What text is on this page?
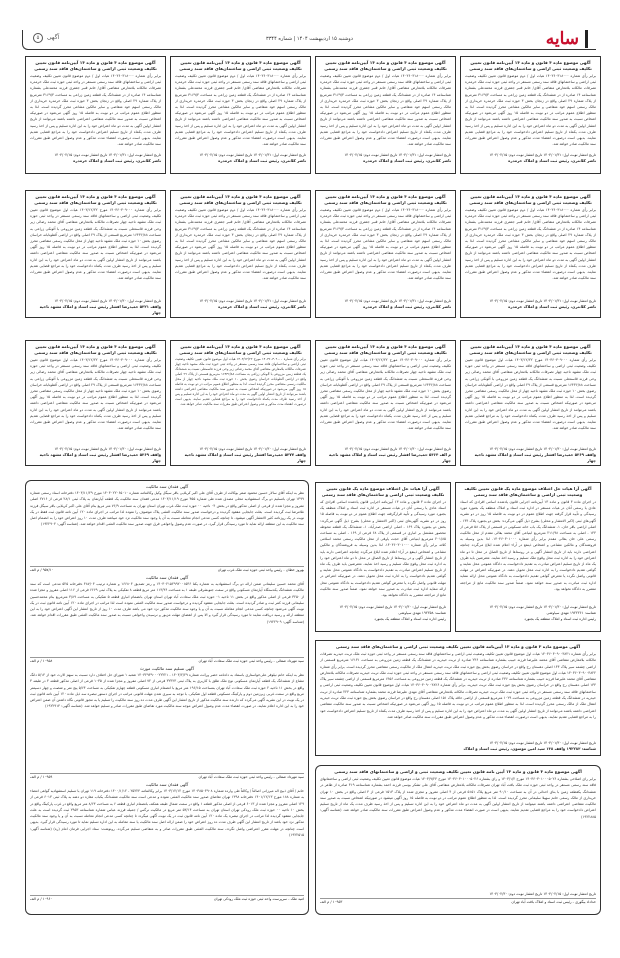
سایه
دوشنبه ۱۵ اردیبهشت ۱۴۰۴ | شماره ۳۳۴۴
آگهی ۵
آگهی موضوع ماده ۳ قانون و ماده ۱۳ آیین‌نامه قانون تعیین تکلیف وضعیت ثبتی اراضی و ساختمان‌های فاقد سند رسمی
برابر رأی شماره ۱۴۰۳۶۰۳۱۸۰۰۰ هیات اول / دوم موضوع قانون تعیین تکلیف وضعیت ثبتی اراضی و ساختمانهای فاقد سند رسمی مستقر در واحد ثبتی حوزه ثبت ملک خرمدره تصرفات مالکانه بلامعارض متقاضی آقای/ خانم قنبر جعفری فرزند محمدعلی بشماره شناسنامه ۱۴ صادره از در ششدانگ یک قطعه زمین زراعی به مساحت ۳۱۶۹/۳ مترمربع از پلاک شماره ۲۹ اصلی واقع در زنجان بخش ۳ حوزه ثبت ملک خرمدره خریداری از مالک رسمی اسهم خود متقاضی و سایر مالکین مشاعی محرز گردیده است. لذا به منظور اطلاع عموم مراتب در دو نوبت به فاصله ۱۵ روز آگهی می‌شود در صورتیکه اشخاص نسبت به صدور سند مالکیت متقاضی اعتراضی داشته باشند می‌توانند از تاریخ انتشار اولین آگهی به مدت دو ماه اعتراض خود را به این اداره تسلیم و پس از اخذ رسید ظرف مدت یکماه از تاریخ تسلیم اعتراض دادخواست خود را به مراجع قضایی تقدیم نمایند. بدیهی است درصورت انقضاء مدت مذکور و عدم وصول اعتراض طبق مقررات سند مالکیت صادر خواهد شد.
تاریخ انتشار نوبت اول: ۱۴۰۴/۰۱/۳۱ تاریخ انتشار نوبت دوم: ۱۴۰۴/۰۲/۱۵
ناصر کلانتری، رئیس ثبت اسناد و املاک خرمدره
آگهی موضوع ماده ۳ قانون و ماده ۱۳ آیین‌نامه قانون تعیین تکلیف وضعیت ثبتی اراضی و ساختمان‌های فاقد سند رسمی
برابر رأی شماره ۱۴۰۳۶۰۳۱۸۰۰۰ هیات اول / دوم موضوع قانون تعیین تکلیف وضعیت ثبتی اراضی و ساختمانهای فاقد سند رسمی مستقر در واحد ثبتی حوزه ثبت ملک خرمدره تصرفات مالکانه بلامعارض متقاضی آقای/ خانم قنبر جعفری فرزند محمدعلی بشماره شناسنامه ۱۴ صادره از در ششدانگ یک قطعه زمین زراعی به مساحت ۳۱۶۹/۳ مترمربع از پلاک شماره ۲۹ اصلی واقع در زنجان بخش ۳ حوزه ثبت ملک خرمدره خریداری از مالک رسمی اسهم خود متقاضی و سایر مالکین مشاعی محرز گردیده است. لذا به منظور اطلاع عموم مراتب در دو نوبت به فاصله ۱۵ روز آگهی می‌شود در صورتیکه اشخاص نسبت به صدور سند مالکیت متقاضی اعتراضی داشته باشند می‌توانند از تاریخ انتشار اولین آگهی به مدت دو ماه اعتراض خود را به این اداره تسلیم و پس از اخذ رسید ظرف مدت یکماه از تاریخ تسلیم اعتراض دادخواست خود را به مراجع قضایی تقدیم نمایند. بدیهی است درصورت انقضاء مدت مذکور و عدم وصول اعتراض طبق مقررات سند مالکیت صادر خواهد شد.
تاریخ انتشار نوبت اول: ۱۴۰۴/۰۱/۳۱ تاریخ انتشار نوبت دوم: ۱۴۰۴/۰۲/۱۵
ناصر کلانتری، رئیس ثبت اسناد و املاک خرمدره
آگهی موضوع ماده ۳ قانون و ماده ۱۳ آیین‌نامه قانون تعیین تکلیف وضعیت ثبتی اراضی و ساختمان‌های فاقد سند رسمی
برابر رأی شماره ۱۴۰۳۶۰۳۱۸۰۰۰ هیات اول / دوم موضوع قانون تعیین تکلیف وضعیت ثبتی اراضی و ساختمانهای فاقد سند رسمی مستقر در واحد ثبتی حوزه ثبت ملک خرمدره تصرفات مالکانه بلامعارض متقاضی آقای/ خانم قنبر جعفری فرزند محمدعلی بشماره شناسنامه ۱۴ صادره از در ششدانگ یک قطعه زمین زراعی به مساحت ۳۱۶۹/۳ مترمربع از پلاک شماره ۲۹ اصلی واقع در زنجان بخش ۳ حوزه ثبت ملک خرمدره خریداری از مالک رسمی اسهم خود متقاضی و سایر مالکین مشاعی محرز گردیده است. لذا به منظور اطلاع عموم مراتب در دو نوبت به فاصله ۱۵ روز آگهی می‌شود در صورتیکه اشخاص نسبت به صدور سند مالکیت متقاضی اعتراضی داشته باشند می‌توانند از تاریخ انتشار اولین آگهی به مدت دو ماه اعتراض خود را به این اداره تسلیم و پس از اخذ رسید ظرف مدت یکماه از تاریخ تسلیم اعتراض دادخواست خود را به مراجع قضایی تقدیم نمایند. بدیهی است درصورت انقضاء مدت مذکور و عدم وصول اعتراض طبق مقررات سند مالکیت صادر خواهد شد.
تاریخ انتشار نوبت اول: ۱۴۰۴/۰۱/۳۱ تاریخ انتشار نوبت دوم: ۱۴۰۴/۰۲/۱۵
ناصر کلانتری، رئیس ثبت اسناد و املاک خرمدره
آگهی موضوع ماده ۳ قانون و ماده ۱۳ آیین‌نامه قانون تعیین تکلیف وضعیت ثبتی اراضی و ساختمان‌های فاقد سند رسمی
برابر رأی شماره ۱۴۰۳۶۰۳۱۸۰۰۰ هیات اول / دوم موضوع قانون تعیین تکلیف وضعیت ثبتی اراضی و ساختمانهای فاقد سند رسمی مستقر در واحد ثبتی حوزه ثبت ملک خرمدره تصرفات مالکانه بلامعارض متقاضی آقای/ خانم قنبر جعفری فرزند محمدعلی بشماره شناسنامه ۱۴ صادره از در ششدانگ یک قطعه زمین زراعی به مساحت ۳۱۶۹/۳ مترمربع از پلاک شماره ۲۹ اصلی واقع در زنجان بخش ۳ حوزه ثبت ملک خرمدره خریداری از مالک رسمی اسهم خود متقاضی و سایر مالکین مشاعی محرز گردیده است. لذا به منظور اطلاع عموم مراتب در دو نوبت به فاصله ۱۵ روز آگهی می‌شود در صورتیکه اشخاص نسبت به صدور سند مالکیت متقاضی اعتراضی داشته باشند می‌توانند از تاریخ انتشار اولین آگهی به مدت دو ماه اعتراض خود را به این اداره تسلیم و پس از اخذ رسید ظرف مدت یکماه از تاریخ تسلیم اعتراض دادخواست خود را به مراجع قضایی تقدیم نمایند. بدیهی است درصورت انقضاء مدت مذکور و عدم وصول اعتراض طبق مقررات سند مالکیت صادر خواهد شد.
تاریخ انتشار نوبت اول: ۱۴۰۴/۰۱/۳۱ تاریخ انتشار نوبت دوم: ۱۴۰۴/۰۲/۱۵
ناصر کلانتری، رئیس ثبت اسناد و املاک خرمدره
آگهی موضوع ماده ۳ قانون و ماده ۱۳ آیین‌نامه قانون تعیین تکلیف وضعیت ثبتی اراضی و ساختمان‌های فاقد سند رسمی
برابر رأی شماره ۱۴۰۳۶۰۳۱۸۰۰۰ هیات اول / دوم موضوع قانون تعیین تکلیف وضعیت ثبتی اراضی و ساختمانهای فاقد سند رسمی مستقر در واحد ثبتی حوزه ثبت ملک خرمدره تصرفات مالکانه بلامعارض متقاضی آقای/ خانم قنبر جعفری فرزند محمدعلی بشماره شناسنامه ۱۴ صادره از در ششدانگ یک قطعه زمین زراعی به مساحت ۳۱۶۹/۳ مترمربع از پلاک شماره ۲۹ اصلی واقع در زنجان بخش ۳ حوزه ثبت ملک خرمدره خریداری از مالک رسمی اسهم خود متقاضی و سایر مالکین مشاعی محرز گردیده است. لذا به منظور اطلاع عموم مراتب در دو نوبت به فاصله ۱۵ روز آگهی می‌شود در صورتیکه اشخاص نسبت به صدور سند مالکیت متقاضی اعتراضی داشته باشند می‌توانند از تاریخ انتشار اولین آگهی به مدت دو ماه اعتراض خود را به این اداره تسلیم و پس از اخذ رسید ظرف مدت یکماه از تاریخ تسلیم اعتراض دادخواست خود را به مراجع قضایی تقدیم نمایند. بدیهی است درصورت انقضاء مدت مذکور و عدم وصول اعتراض طبق مقررات سند مالکیت صادر خواهد شد.
تاریخ انتشار نوبت اول: ۱۴۰۴/۰۱/۳۱ تاریخ انتشار نوبت دوم: ۱۴۰۴/۰۲/۱۵
ناصر کلانتری، رئیس ثبت اسناد و املاک خرمدره
آگهی موضوع ماده ۳ قانون و ماده ۱۳ آیین‌نامه قانون تعیین تکلیف وضعیت ثبتی اراضی و ساختمان‌های فاقد سند رسمی
برابر رأی شماره ۱۴۰۳۶۰۳۱۸۰۰۰ هیات اول / دوم موضوع قانون تعیین تکلیف وضعیت ثبتی اراضی و ساختمانهای فاقد سند رسمی مستقر در واحد ثبتی حوزه ثبت ملک خرمدره تصرفات مالکانه بلامعارض متقاضی آقای/ خانم قنبر جعفری فرزند محمدعلی بشماره شناسنامه ۱۴ صادره از در ششدانگ یک قطعه زمین زراعی به مساحت ۳۱۶۹/۳ مترمربع از پلاک شماره ۲۹ اصلی واقع در زنجان بخش ۳ حوزه ثبت ملک خرمدره خریداری از مالک رسمی اسهم خود متقاضی و سایر مالکین مشاعی محرز گردیده است. لذا به منظور اطلاع عموم مراتب در دو نوبت به فاصله ۱۵ روز آگهی می‌شود در صورتیکه اشخاص نسبت به صدور سند مالکیت متقاضی اعتراضی داشته باشند می‌توانند از تاریخ انتشار اولین آگهی به مدت دو ماه اعتراض خود را به این اداره تسلیم و پس از اخذ رسید ظرف مدت یکماه از تاریخ تسلیم اعتراض دادخواست خود را به مراجع قضایی تقدیم نمایند. بدیهی است درصورت انقضاء مدت مذکور و عدم وصول اعتراض طبق مقررات سند مالکیت صادر خواهد شد.
تاریخ انتشار نوبت اول: ۱۴۰۴/۰۱/۳۱ تاریخ انتشار نوبت دوم: ۱۴۰۴/۰۲/۱۵
ناصر کلانتری، رئیس ثبت اسناد و املاک خرمدره
آگهی موضوع ماده ۳ قانون و ماده ۱۳ آیین‌نامه قانون تعیین تکلیف وضعیت ثبتی اراضی و ساختمان‌های فاقد سند رسمی
برابر رأی شماره ۱۴۰۳۶۰۳۱۸۰۰۰ هیات اول / دوم موضوع قانون تعیین تکلیف وضعیت ثبتی اراضی و ساختمانهای فاقد سند رسمی مستقر در واحد ثبتی حوزه ثبت ملک خرمدره تصرفات مالکانه بلامعارض متقاضی آقای/ خانم قنبر جعفری فرزند محمدعلی بشماره شناسنامه ۱۴ صادره از در ششدانگ یک قطعه زمین زراعی به مساحت ۳۱۶۹/۳ مترمربع از پلاک شماره ۲۹ اصلی واقع در زنجان بخش ۳ حوزه ثبت ملک خرمدره خریداری از مالک رسمی اسهم خود متقاضی و سایر مالکین مشاعی محرز گردیده است. لذا به منظور اطلاع عموم مراتب در دو نوبت به فاصله ۱۵ روز آگهی می‌شود در صورتیکه اشخاص نسبت به صدور سند مالکیت متقاضی اعتراضی داشته باشند می‌توانند از تاریخ انتشار اولین آگهی به مدت دو ماه اعتراض خود را به این اداره تسلیم و پس از اخذ رسید ظرف مدت یکماه از تاریخ تسلیم اعتراض دادخواست خود را به مراجع قضایی تقدیم نمایند. بدیهی است درصورت انقضاء مدت مذکور و عدم وصول اعتراض طبق مقررات سند مالکیت صادر خواهد شد.
تاریخ انتشار نوبت اول: ۱۴۰۴/۰۱/۳۱ تاریخ انتشار نوبت دوم: ۱۴۰۴/۰۲/۱۵
ناصر کلانتری، رئیس ثبت اسناد و املاک خرمدره
آگهی موضوع ماده ۳ قانون و ماده ۱۳ آیین‌نامه قانون تعیین تکلیف وضعیت ثبتی اراضی و ساختمان‌های فاقد سند رسمی
برابر رأی شماره ۱۴۰۳۶۰۳۰۹۰۰۰ مورخ ۱۴۰۳/۱۲/۲۲ هیات اول موضوع قانون تعیین تکلیف وضعیت ثبتی اراضی و ساختمانهای فاقد سند رسمی مستقر در واحد ثبتی حوزه ثبت ملک مشهد ناحیه چهار تصرفات مالکانه بلامعارض متقاضی آقای محمد رضائی زیر وحی فرزند قاسمعلی نسبت به ششدانگ یک قطعه زمین مزروعی با آلونکی زراعی به مساحت ۱۶۴۳۶/۸۸ مترمربع قسمتی از پلاک ۲۹ اصلی واقع در اراضی آلطونابانه خراسان رضوی بخش ۱۰ حوزه ثبت ملک مشهد ناحیه چهار از محل مالکیت رسمی متقاضی محرز گردیده است. لذا به منظور اطلاع عموم مراتب در دو نوبت به فاصله ۱۵ روز آگهی می‌شود در صورتیکه اشخاص نسبت به صدور سند مالکیت متقاضی اعتراضی داشته باشند می‌توانند از تاریخ انتشار اولین آگهی به مدت دو ماه اعتراض خود را به این اداره تسلیم و پس از اخذ رسید ظرف مدت یکماه دادخواست خود را به مراجع قضایی تقدیم نمایند. بدیهی است درصورت انقضاء مدت مذکور و عدم وصول اعتراض طبق مقررات سند مالکیت صادر خواهد شد.
تاریخ انتشار نوبت اول: ۱۴۰۴/۰۱/۳۰ تاریخ انتشار نوبت دوم: ۱۴۰۴/۰۲/۱۵
واقف ۵۳۲۱ حمیدرضا افشار رئیس ثبت اسناد و املاک مشهد ناحیه چهار
آگهی موضوع ماده ۳ قانون و ماده ۱۳ آیین‌نامه قانون تعیین تکلیف وضعیت ثبتی اراضی و ساختمان‌های فاقد سند رسمی
برابر رأی شماره ۱۴۰۳۶۰۳۰۹۰۰۰ مورخ ۱۴۰۳/۱۲/۲۲ هیات اول موضوع قانون تعیین تکلیف وضعیت ثبتی اراضی و ساختمانهای فاقد سند رسمی مستقر در واحد ثبتی حوزه ثبت ملک مشهد ناحیه چهار تصرفات مالکانه بلامعارض متقاضی آقای محمد رضائی زیر وحی فرزند قاسمعلی نسبت به ششدانگ یک قطعه زمین مزروعی با آلونکی زراعی به مساحت ۱۶۴۳۶/۸۸ مترمربع قسمتی از پلاک ۲۹ اصلی واقع در اراضی آلطونابانه خراسان رضوی بخش ۱۰ حوزه ثبت ملک مشهد ناحیه چهار از محل مالکیت رسمی متقاضی محرز گردیده است. لذا به منظور اطلاع عموم مراتب در دو نوبت به فاصله ۱۵ روز آگهی می‌شود در صورتیکه اشخاص نسبت به صدور سند مالکیت متقاضی اعتراضی داشته باشند می‌توانند از تاریخ انتشار اولین آگهی به مدت دو ماه اعتراض خود را به این اداره تسلیم و پس از اخذ رسید ظرف مدت یکماه دادخواست خود را به مراجع قضایی تقدیم نمایند. بدیهی است درصورت انقضاء مدت مذکور و عدم وصول اعتراض طبق مقررات سند مالکیت صادر خواهد شد.
تاریخ انتشار نوبت اول: ۱۴۰۴/۰۱/۳۰ تاریخ انتشار نوبت دوم: ۱۴۰۴/۰۲/۱۵
واقف ۵۳۶۹ حمیدرضا افشار رئیس ثبت اسناد و املاک مشهد ناحیه چهار
آگهی موضوع ماده ۳ قانون و ماده ۱۳ آیین‌نامه قانون تعیین تکلیف وضعیت ثبتی اراضی و ساختمان‌های فاقد سند رسمی
برابر رأی شماره ۱۴۰۳۶۰۳۰۹۰۰۰ مورخ ۱۴۰۳/۱۲/۲۲ هیات اول موضوع قانون تعیین تکلیف وضعیت ثبتی اراضی و ساختمانهای فاقد سند رسمی مستقر در واحد ثبتی حوزه ثبت ملک مشهد ناحیه چهار تصرفات مالکانه بلامعارض متقاضی آقای محمد رضائی زیر وحی فرزند قاسمعلی نسبت به ششدانگ یک قطعه زمین مزروعی با آلونکی زراعی به مساحت ۱۶۴۳۶/۸۸ مترمربع قسمتی از پلاک ۲۹ اصلی واقع در اراضی آلطونابانه خراسان رضوی بخش ۱۰ حوزه ثبت ملک مشهد ناحیه چهار از محل مالکیت رسمی متقاضی محرز گردیده است. لذا به منظور اطلاع عموم مراتب در دو نوبت به فاصله ۱۵ روز آگهی می‌شود در صورتیکه اشخاص نسبت به صدور سند مالکیت متقاضی اعتراضی داشته باشند می‌توانند از تاریخ انتشار اولین آگهی به مدت دو ماه اعتراض خود را به این اداره تسلیم و پس از اخذ رسید ظرف مدت یکماه دادخواست خود را به مراجع قضایی تقدیم نمایند. بدیهی است درصورت انقضاء مدت مذکور و عدم وصول اعتراض طبق مقررات سند مالکیت صادر خواهد شد.
تاریخ انتشار نوبت اول: ۱۴۰۴/۰۱/۳۰ تاریخ انتشار نوبت دوم: ۱۴۰۴/۰۲/۱۵
م الف ۵۳۶۴ حمیدرضا افشار رئیس ثبت اسناد و املاک مشهد ناحیه چهار
آگهی موضوع ماده ۳ قانون و ماده ۱۳ آیین‌نامه قانون تعیین تکلیف وضعیت ثبتی اراضی و ساختمان‌های فاقد سند رسمی
برابر رأی شماره ۱۴۰۳۶۰۳۰۹۰۰۰ مورخ ۱۴۰۳/۱۲/۲۲ هیات اول موضوع قانون تعیین تکلیف وضعیت ثبتی اراضی و ساختمانهای فاقد سند رسمی مستقر در واحد ثبتی حوزه ثبت ملک مشهد ناحیه چهار تصرفات مالکانه بلامعارض متقاضی آقای محمد رضائی زیر وحی فرزند قاسمعلی نسبت به ششدانگ یک قطعه زمین مزروعی با آلونکی زراعی به مساحت ۱۶۴۳۶/۸۸ مترمربع قسمتی از پلاک ۲۹ اصلی واقع در اراضی آلطونابانه خراسان رضوی بخش ۱۰ حوزه ثبت ملک مشهد ناحیه چهار از محل مالکیت رسمی متقاضی محرز گردیده است. لذا به منظور اطلاع عموم مراتب در دو نوبت به فاصله ۱۵ روز آگهی می‌شود در صورتیکه اشخاص نسبت به صدور سند مالکیت متقاضی اعتراضی داشته باشند می‌توانند از تاریخ انتشار اولین آگهی به مدت دو ماه اعتراض خود را به این اداره تسلیم و پس از اخذ رسید ظرف مدت یکماه دادخواست خود را به مراجع قضایی تقدیم نمایند. بدیهی است درصورت انقضاء مدت مذکور و عدم وصول اعتراض طبق مقررات سند مالکیت صادر خواهد شد.
تاریخ انتشار نوبت اول: ۱۴۰۴/۰۱/۳۰ تاریخ انتشار نوبت دوم: ۱۴۰۴/۰۲/۱۵
واقف ۵۳۷۷ حمیدرضا افشار رئیس ثبت اسناد و املاک مشهد ناحیه چهار
آگهی موضوع ماده ۳ قانون و ماده ۱۳ آیین‌نامه قانون تعیین تکلیف وضعیت ثبتی اراضی و ساختمان‌های فاقد سند رسمی
برابر رأی شماره ۱۴۰۳۶۰۳۰۹۰۰۰ مورخ ۱۴۰۳/۱۲/۲۲ هیات اول موضوع قانون تعیین تکلیف وضعیت ثبتی اراضی و ساختمانهای فاقد سند رسمی مستقر در واحد ثبتی حوزه ثبت ملک مشهد ناحیه چهار تصرفات مالکانه بلامعارض متقاضی آقای محمد رضائی زیر وحی فرزند قاسمعلی نسبت به ششدانگ یک قطعه زمین مزروعی با آلونکی زراعی به مساحت ۱۶۴۳۶/۸۸ مترمربع قسمتی از پلاک ۲۹ اصلی واقع در اراضی آلطونابانه خراسان رضوی بخش ۱۰ حوزه ثبت ملک مشهد ناحیه چهار از محل مالکیت رسمی متقاضی محرز گردیده است. لذا به منظور اطلاع عموم مراتب در دو نوبت به فاصله ۱۵ روز آگهی می‌شود در صورتیکه اشخاص نسبت به صدور سند مالکیت متقاضی اعتراضی داشته باشند می‌توانند از تاریخ انتشار اولین آگهی به مدت دو ماه اعتراض خود را به این اداره تسلیم و پس از اخذ رسید ظرف مدت یکماه دادخواست خود را به مراجع قضایی تقدیم نمایند. بدیهی است درصورت انقضاء مدت مذکور و عدم وصول اعتراض طبق مقررات سند مالکیت صادر خواهد شد.
تاریخ انتشار نوبت اول: ۱۴۰۴/۰۱/۳۰ تاریخ انتشار نوبت دوم: ۱۴۰۴/۰۲/۱۵
واقف ۵۳۶۹ حمیدرضا افشار رئیس ثبت اسناد و املاک مشهد ناحیه چهار
آگهی آرا هیات حل اختلاف موضوع ماده یک قانون تعیین تکلیف وضعیت ثبتی اراضی و ساختمان‌های فاقد سند رسمی
در اجرای ماده ۳ قانون و ماده ۱۳ آیین‌نامه اجرایی قانون یادشده اسامی افرادی که اسناد عادی یا رسمی آنان در هیات مستقر در اداره ثبت اسناد و املاک منطقه یک بجنورد مورد رسیدگی و تأیید قرار گرفته جهت اطلاع عموم در دو نوبت به فاصله ۱۵ روز در دو نشریه آگهی‌های ثبتی (اکبر الانتشار و محلی) بشرح ذیل آگهی می‌گردد: بخش دو بجنورد پلاک ۱۴۴ - اصلی اراضی باقر خان. ۱- ششدانگ یک باب خانه مسکونی در قسمتی از پلاک ۵۸ فرعی از ۱۴۴ - اصلی به مساحت ۲۱۱/۹۸ مترمربع ابتیاعی آقای محمد بقالی مقدم از محل مالکیت رسمی علی خان بقالی مقدم برابر رأی شماره ۱۴۰۴۶۰۳۰۱۰۰۰. لذا بدین وسیله به فروشندگان و مالکین مشاعی و اشخاص ذینفع در آراء اعلام شده ابلاغ می‌گردد چنانچه اعتراضی دارند باید از تاریخ انتشار آگهی و در روستاها از تاریخ الصاق در محل تا دو ماه اعتراض خود را به اداره ثبت محل وقوع ملک تسلیم و رسید اخذ نمایند. معترضین باید ظرف یک ماه از تاریخ تسلیم اعتراض مبادرت به تقدیم دادخواست به دادگاه عمومی محل نمایند و گواهی تقدیم دادخواست را به اداره ثبت محل تحویل دهند. در صورتیکه اعتراض در مهلت قانونی واصل نگردد یا معترض گواهی تقدیم دادخواست به دادگاه عمومی محل ارائه ننماید اداره ثبت مبادرت به صدور سند خواهد نمود. ضمناً صدور سند مالکیت مانع از مراجعه متضرر به دادگاه نخواهد بود.
تاریخ انتشار نوبت اول: ۱۴۰۴/۰۱/۳۰ تاریخ انتشار نوبت دوم: ۱۴۰۴/۰۲/۱۵
شناسه: ۱۹۲۲۲۶۱ مهدی سیاوشی
رئیس اداره ثبت اسناد و املاک منطقه یک بجنورد
آگهی آرا هیات حل اختلاف موضوع ماده یک قانون تعیین تکلیف وضعیت ثبتی اراضی و ساختمان‌های فاقد سند رسمی
در اجرای ماده ۳ قانون و ماده ۱۳ آیین‌نامه اجرایی قانون یادشده اسامی افرادی که اسناد عادی یا رسمی آنان در هیات مستقر در اداره ثبت اسناد و املاک منطقه یک بجنورد مورد رسیدگی و تأیید قرارگرفته جهت اطلاع عموم در دو نوبت به فاصله ۱۵ روز در دو نشریه آگهی‌های ثبتی (اکبر الانتشار و محلی) بشرح ذیل آگهی می‌گردد: بخش دو بجنورد پلاک ۱۶۹ - اصلی اراضی صدرآباد. ۱- ششدانگ یک قطعه محوطه محصور مشتمل بر انباری در قسمتی از پلاک ۶۸ فرعی از ۱۶۹ - اصلی به مساحت ۲۰۱/۸۵ مترمربع ابتیاعی آقای حجت یاوفی از محل مالکیت رسمی محمد اسلامی کلاته برابر رأی شماره ۱۴۰۳۶۰۳۰۱۰۰۰. لذا بدین وسیله به فروشندگان و مالکین مشاعی و اشخاص ذینفع در آراء اعلام شده ابلاغ می‌گردد چنانچه اعتراضی دارند باید از تاریخ انتشار آگهی و در روستاها از تاریخ الصاق در محل تا دو ماه اعتراض خود را به اداره ثبت محل وقوع ملک تسلیم و رسید اخذ نمایند. معترضین باید ظرف یک ماه از تاریخ تسلیم اعتراض مبادرت به تقدیم دادخواست به دادگاه عمومی محل نمایند و گواهی تقدیم دادخواست را به اداره ثبت محل تحویل دهند. در صورتیکه اعتراض در مهلت قانونی واصل نگردد یا معترض گواهی تقدیم دادخواست به دادگاه عمومی محل ارائه ننماید اداره ثبت مبادرت به صدور سند خواهد نمود. ضمناً صدور سند مالکیت مانع از مراجعه متضرر به دادگاه نخواهد بود.
تاریخ انتشار نوبت اول: ۱۴۰۴/۰۱/۳۰ تاریخ انتشار نوبت دوم: ۱۴۰۴/۰۲/۱۵
شناسه: ۱۹۲۲۵۸ مهدی سیاوشی
رئیس اداره ثبت اسناد و املاک منطقه یک بجنورد
آگهی موضوع ماده ۳ قانون و ماده ۱۳ آیین‌نامه قانون تعیین تکلیف وضعیت ثبتی اراضی و ساختمان‌های فاقد سند رسمی
برابر رأی شماره ۱۴۰۳۶۰۳۰۹۰۰۳۸۲۱ هیات اول موضوع قانون تعیین تکلیف وضعیت ثبتی اراضی و ساختمانهای فاقد سند رسمی مستقر در واحد ثبتی حوزه ثبت ملک تربت حیدریه تصرفات مالکانه بلامعارض متقاضی آقای محمد علیرضا فرزند حبیب بشماره شناسنامه ۲۳۶ صادره از تربت حیدریه در ششدانگ یک قطعه زمین مزروعی به مساحت ۱۶۱۳۱ مترمربع قسمتی از اراضی چشمه سیر پلاک ۱۳۴ اصلی دهستان رخ واقع در خراسان رضوی بخش پنج حوزه ثبت ملک تربت حیدریه انتقال ملک از مالکیت رسمی متقاضی محرز گردیده است. برابر رأی شماره ۱۴۰۳۶۰۳۰۹۰۰۳۸۲۲ هیات اول موضوع قانون تعیین تکلیف وضعیت ثبتی اراضی و ساختمانهای فاقد سند رسمی مستقر در واحد ثبتی حوزه ثبت ملک تربت حیدریه تصرفات مالکانه بلامعارض متقاضی آقای محمد علیرضا فرزند حبیب بشماره شناسنامه ۲۳۶ صادره از تربت حیدریه در ششدانگ یک قطعه زمین مزروعی به مساحت ۱۴۵۶ مترمربع قسمتی از اراضی چشمه سیر پلاک ۱۳۴ اصلی دهستان رخ واقع در خراسان رضوی بخش پنج حوزه ثبت ملک تربت حیدریه. برابر رأی شماره ۱۴۰۳۶۰۳۰۹۰۰۳۸۲۶ هیات اول موضوع قانون تعیین تکلیف وضعیت ثبتی اراضی و ساختمانهای فاقد سند رسمی مستقر در واحد ثبتی حوزه ثبت ملک تربت حیدریه تصرفات مالکانه بلامعارض متقاضی آقای مهدی علیرضا فرزند محمد بشماره شناسنامه ۲۲۴ صادره از تربت حیدریه در ششدانگ یک قطعه زمین مزروعی به مساحت ۱۰۲۹ مترمربع قسمتی از اراضی حاقه پلاک ۱۵۱ اصلی دهستان رخ واقع در خراسان رضوی بخش پنج حوزه ثبت ملک تربت حیدریه انتقال ملک از مالک رسمی محرز گردیده است. لذا به منظور اطلاع عموم مراتب در دو نوبت به فاصله ۱۵ روز آگهی می‌شود در صورتیکه اشخاص نسبت به صدور سند مالکیت متقاضی اعتراضی داشته باشند می‌توانند از تاریخ انتشار اولین آگهی به مدت دو ماه اعتراض خود را به این اداره تسلیم و پس از اخذ رسید ظرف مدت یکماه از تاریخ تسلیم اعتراض دادخواست خود را به مراجع قضایی تقدیم نمایند. بدیهی است درصورت انقضاء مدت مذکور و عدم وصول اعتراض طبق مقررات سند مالکیت صادر خواهد شد.
تاریخ انتشار نوبت اول: ۱۴۰۴/۰۱/۳۰ تاریخ انتشار نوبت دوم: ۱۴۰۴/۰۲/۱۵
شناسه: ۱۹۲۲۸۳ واقف ۱۴۸ سید امین موسوی، رئیس ثبت اسناد و املاک
آگهی موضوع ماده ۳ قانون و ماده ۱۳ آیین نامه قانون تعیین تکلیف وضعیت ثبتی و اراضی و ساختمانهای فاقد سند رسمی
برابر رای اصلاحی بشماره ۱۴۰۳۶۰۳۰۱۰۰۰۵۰۲۶ مورخ ۱۴۰۳/۱/۲ و رای بشماره ۱۴۰۳۶۰۳۰۱۰۰۰۵۰۲۶ مورخ ۱۴۰۳/۹/۲۴ هیات موضوع قانون تعیین تکلیف وضعیت ثبتی اراضی و ساختمانهای فاقد سند رسمی مستقر در واحد ثبتی حوزه ثبت ملک بافت آباد تهران تصرفات مالکانه بلامعارض متقاضی آقای علی تشکر بوسی فرزند احمد بشماره شناسنامه ۳۱۹ صادره از طاهر در ششدانگ یکقطعه زمین با بنای احداثی در آن به مساحت ۹۰/۱۰ متر مربع پلاک ۵۱۵۱ فرعی از ۴ اصلی مفروز و مجزی شده از پلاک ۱۵۱۳ فرعی از ۴ اصلی واقع در بخش ۱۰ تهران خریداری از مالک رسمی خانم سهیلا سلیمانی محرز گردیده است. لذا به منظور اطلاع عموم مراتب در دو نوبت به فاصله ۱۵ روز آگهی میشود در صورتیکه اشخاص نسبت به صدور سند مالکیت متقاضی اعتراضی داشته باشند میتوانند از تاریخ انتشار اولین آگهی به مدت دو ماه اعتراض خود را به این اداره تسلیم و پس از اخذ رسید ظرف مدت یک ماه از تاریخ تسلیم اعتراض دادخواست خود را به مراجع قضایی تقدیم نمایند. بدیهی است در صورت انقضاء مدت مذکور و عدم وصول اعتراض طبق مقررات سند مالکیت صادر خواهد شد. (شناسه آگهی: ۱۹۲۲۸۸۵)
تاریخ انتشار نوبت اول: ۱۴۰۴/۰۲/۱۵ تاریخ انتشار نوبت دوم: ۱۴۰۴/۰۲/۳۰
خداداد بیگوری - رئیس ثبت اسناد و املاک بافت آباد تهران
۱۰۹۵۳ / م الف
آگهی فقدان سند مالکیت
نظر به اینکه آقای سالار حسین محمود صفر بوکالت از طرف آقای علی اکبر کربلایی باقر سیگل وکیل وکالتنامه شماره ۱۴۰۳۰۲۲۰۶۵۰۱۰ مورخ ۱۴۰۳/۱۱/۲۹ دفترخانه اسناد رسمی شماره ۱۳۹۹ تهران باتسلیم دو برگ استشهادیه محلی مصدق شده طی شماره ۴۵۵ مورخ ۱۴۰۳/۱۱/۱۹ مدعی فقدان سند مالکیت یک قطعه آپارتمان به پلاک ثبتی ۲۸/۱ فرعی از ۲۷۱۶ اصلی مفروز و مجزا شده از فرعی از اصلی مذکور واقع در بخش ۰۴ ناحیه ۰۰ حوزه ثبت ملک غرب تهران استان تهران به مساحت ۷۶/۹ متر مربع بنام آقای علی اکبر کربلایی باقر سیگل فرزند غلامرضا ثبت گردیده است. بعلت جابجایی مفقود گردیده و درخواست صدور سند مالکیت المثنی پلاک موصوف را نموده لذا مراتب در اجرای ماده ۱۲۰ آیین نامه قانون ثبت فقط در یک نوبت در یک روزنامه کثیر الانتشار آگهی میشود. تا چنانچه کسی مدعی انجام معامله نسبت به آن یا وجود سند مالکیت نزد خود میباشد ظرف مدت ۱۰ روز اعتراض خود را به انضمام اصل سند مالکیت به این منطقه ارائه نماید تا مورد رسیدگی قرار گیرد. در صورت عدم وصول واخواهی فرق جهت صدور سند مالکیت المثنی اقدام خواهد شد. (شناسه آگهی: ۱۹۲۲۹۰۴)
بهروز خطان - رئیس واحد ثبتی حوزه ثبت ملک غرب تهران
۹۵۷/۱۰ / م الف
آگهی فقدان سند مالکیت
آقای محمد حسین سلیمانی ضمن ارائه دو برگ استشهادیه به شماره یکتا ۱۴۰۳۰۲۱۵۲۹۹۲۰۰۱۵۳۶ و رمز تصدیق ۱۶۶۸۰۴ و شماره ترتیب ۴۸۷/۰۴ دفترخانه ۵۲۵ مدعی است که سند مالکیت ششدانگ یکدستگاه آپارتمان مسکونی واقع در سمت جنوبشرقی طبقه ۱ به مساحت ۱۱۳/۳۶ متر مربع قطعه ۸ تفکیکی به پلاک ثبتی ۶۶۶۹ فرعی از ۱۱۶ اصلی مفروز و مجزا شده از ۳۲۵۰ فرعی از اصلی مذکور واقع در بخش ۱۱ ناحیه ۰۱ حوزه ثبت ملک سعادت آباد تهران استان تهران بانضمام انباری قطعه ۵ تفکیکی به مساحت ۳/۸۹ مترمربع بنام محمدحسین سلیمانی فرزند کمر ثبت و صادر گردیده است. بعلت جابجایی مفقود گردیده و درخواست صدور سند مالکیت المثنی نموده است لذا مراتب در اجرای ماده ۱۲۰ آیین نامه قانون ثبت در یک نوبت آگهی می‌شود چنانچه کسی مدعی انجام معامله نسبت به آن و یا وجود سند مالکیت مذکور نزد خود می باشد ظرف مدت ۱۰ روز از تاریخ انتشار این آگهی اعتراض خود را به این منطقه ارائه و رسید دریافت نمایند تا مورد رسیدگی قرار گیرد و الا پس از انقضای مهلت مزبور و نرسیدن واخواهی نسبت به صدور سند مالکیت المثنی طبق مقررات اقدام خواهد شد. (شناسه آگهی: ۱۹۲۲۹۰۹)
سید مهرداد صفائی - رئیس واحد ثبتی حوزه ثبت ملک سعادت آباد تهران
۱۰۹۵۸ / م الف
آگهی تسلیم سند مالکیت مورث
نظر به اینکه خانم نیلوفر علی‌خواستاری باستناد به دادنامه حصر وراثت شماره ۱۴۰۳/۲/۲۹ - ۱۴۰۳۲۹۳۹۰۰۰۲۲۲۲۱ شعبه ۱ شورای حل اختلاف دارد نسبت به سهم الارث خود از ۵/۱۴ دانگ مشاع از ششدانگ یک قطعه آپارتمان مسکونی نوع ملک طلق با کاربری به پلاک ثبتی ۳۲۴۲۳ فرعی از ۷۲ اصلی مفروز و مجزا شده از ۱۰۳۵ فرعی از اصلی مذکور قطعه ۴ در طبقه ۳ واقع در بخش ۱۱ ناحیه ۲ حوزه ثبت ملک سعادت آباد تهران بمساحت ۱۹۶/۱۵ متر مربع با انضمام انباری مسکونی قطعه چهارم تفکیکی به مساحت ۵/۶۴ پنج متر و شصت و چهار دسیمتر مربع واقع در سمت غربی زیرزمین دوم و پارکینگ مسکونی قطعه اول تفکیکی. با توجه به سیری شدن مهلت قانونی مراتب در اجرای دستور تبصره سه ذیل ماده ۱۲۰ آیین نامه قانون ثبت در یک نوبت در این نشریه آگهی می‌گردد که دارنده سند مالکیت مذکور از تاریخ انتشار این آگهی ظرف مدت ده روز سند مالکیت را تسلیم یا به مجوز قانونی نگاه داشتن آن ضمن اعتراض خود را به این اداره اعلام نمایند. در صورت انقضاء مدت عدم وصول اعتراض موجه سند مالکیت مورد تقاضای طبق مقررات صادر و تسلیم خواهد شد. (شناسه آگهی: ۱۹۲۲۹۱۴)
سید مهرداد صفائی - رئیس واحد ثبتی حوزه ثبت ملک سعادت آباد تهران
۱۰۹۵۹ / م الف
آگهی فقدان سند مالکیت
خانم / آقای ذبیح اله میرزانی اصالتاً / وکالتاً طی وارده شماره ۱۴۰۳۸۵۰۳۹۰۸ مورخ ۱۴۰۳/۱۲/۱۲ برابر وکالتنامه ۲۵۲۲۴ - ۱۴۰۰/۱/۱۲ دفترخانه ۱۱۹ تهران با تسلیم استشهادیه گواهی امضاء به شماره ۱۸۸ مورخ ۱۴۰۱/۱۲/۱۳ دفترخانه ۱۳۹۸ تهران تقاضای صدور سند مالکیت المثنی نموده و مدعی است سند مالکیت ششدانگ یکباب مغازه دو دهنه به پلاک ثبتی ۶۰۱۳ فرعی از ۱۲۹ اصلی مفروز و مجزا شده از ۶۰۱۳ فرعی از اصلی مذکور قطعه ۱ واقع در سمت شمال طبقه همکف بانضمام انباری قطعه ۶ به مساحت ۸/۶۳ متر مربع واقع در غرب پارکینگ واقع در بخش ۱۰ ناحیه ۰۰ حوزه ثبت ملک رودکی تهران استان تهران به مساحت ۵۳/۱۴ متر مربع در مالکیت نرگس / جمیله فرزند عباس شماره شناسنامه ۲۹۵۳ ثبت گردیده است به علت جابجایی مفقود گردیده لذا مراتب در اجرای تبصره یک ماده ۱۲۰ آیین نامه قانون ثبت در یک نوبت آگهی میگردد تا چنانچه کسی مدعی انجام معامله نسبت به آن و یا وجود سند مالکیت مذکور نزد خود باشد از تاریخ انتشار این آگهی ظرف مدت ده روز اعتراض خود را ضمن ارائه اصل سند مالکیت یا سند معامله به این اداره تسلیم نماید تا مورد رسیدگی قرار گیرد. بدیهی است چنانچه در مهلت مقرر اعتراضی واصل نگردد، سند مالکیت المثنی طبق مقررات صادر و به متقاضی تسلیم می‌گردد. رونوشت: ستاد اجرایی فرمان امام (ره) (شناسه آگهی: ۱۹۲۲۵۱۵)
امید ملک - سرپرست واحد ثبتی حوزه ثبت ملک رودکی تهران
۱۰۹۶۰ / م الف
